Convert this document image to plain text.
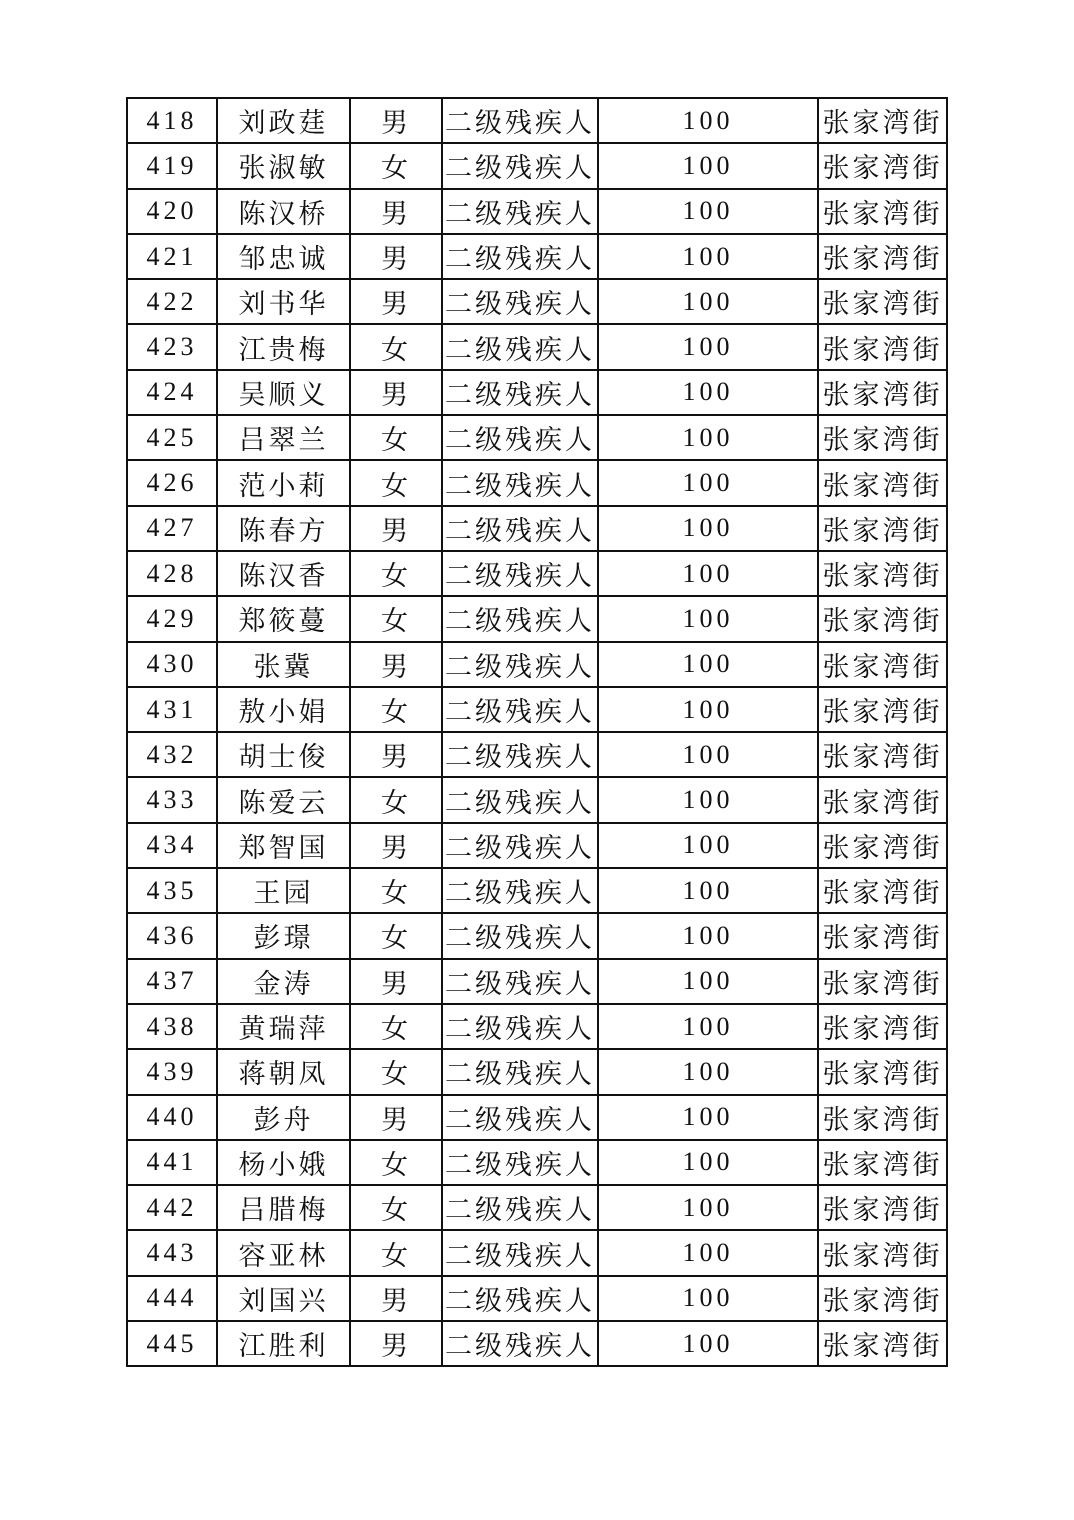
418	刘政莛	男	二级残疾人	100	张家湾街
419	张淑敏	女	二级残疾人	100	张家湾街
420	陈汉桥	男	二级残疾人	100	张家湾街
421	邹忠诚	男	二级残疾人	100	张家湾街
422	刘书华	男	二级残疾人	100	张家湾街
423	江贵梅	女	二级残疾人	100	张家湾街
424	吴顺义	男	二级残疾人	100	张家湾街
425	吕翠兰	女	二级残疾人	100	张家湾街
426	范小莉	女	二级残疾人	100	张家湾街
427	陈春方	男	二级残疾人	100	张家湾街
428	陈汉香	女	二级残疾人	100	张家湾街
429	郑筱蔓	女	二级残疾人	100	张家湾街
430	张冀	男	二级残疾人	100	张家湾街
431	敖小娟	女	二级残疾人	100	张家湾街
432	胡士俊	男	二级残疾人	100	张家湾街
433	陈爱云	女	二级残疾人	100	张家湾街
434	郑智国	男	二级残疾人	100	张家湾街
435	王园	女	二级残疾人	100	张家湾街
436	彭璟	女	二级残疾人	100	张家湾街
437	金涛	男	二级残疾人	100	张家湾街
438	黄瑞萍	女	二级残疾人	100	张家湾街
439	蒋朝凤	女	二级残疾人	100	张家湾街
440	彭舟	男	二级残疾人	100	张家湾街
441	杨小娥	女	二级残疾人	100	张家湾街
442	吕腊梅	女	二级残疾人	100	张家湾街
443	容亚林	女	二级残疾人	100	张家湾街
444	刘国兴	男	二级残疾人	100	张家湾街
445	江胜利	男	二级残疾人	100	张家湾街
